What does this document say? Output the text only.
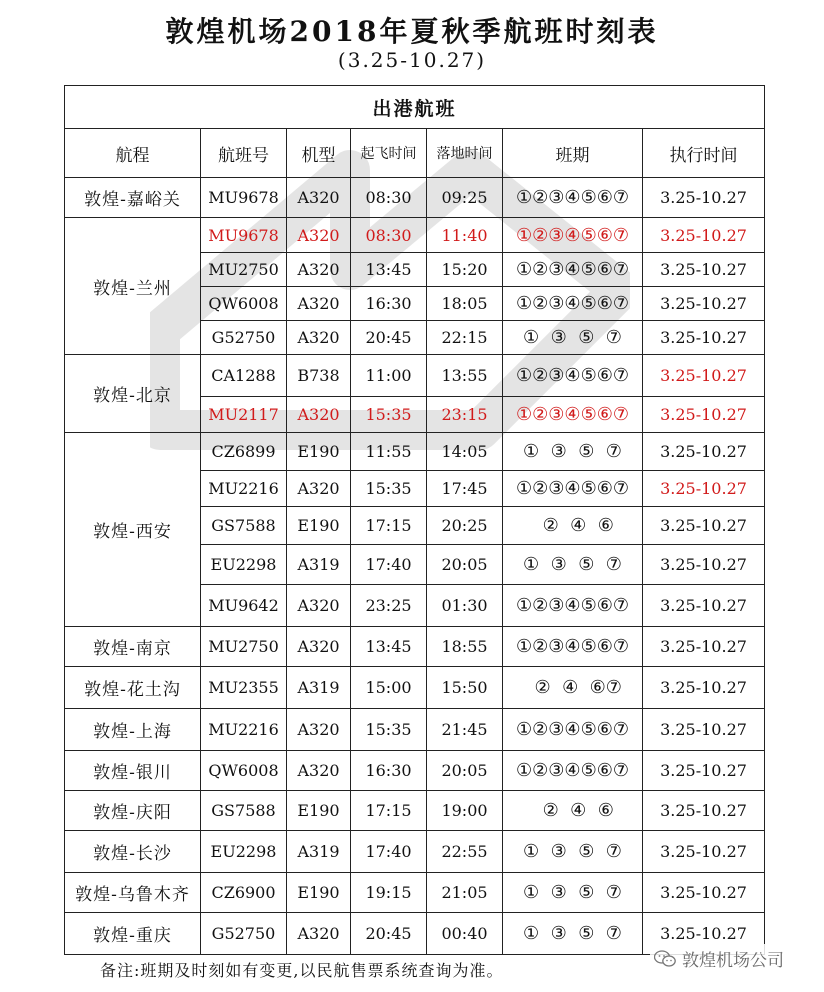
敦煌机场2018年夏秋季航班时刻表
(3.25-10.27)
出港航班						
航程	航班号	机型	起飞时间	落地时间	班期	执行时间
敦煌-嘉峪关	MU9678	A320	08:30	09:25	①②③④⑤⑥⑦	3.25-10.27
敦煌-兰州	MU9678	A320	08:30	11:40	①②③④⑤⑥⑦	3.25-10.27
	MU2750	A320	13:45	15:20	①②③④⑤⑥⑦	3.25-10.27
	QW6008	A320	16:30	18:05	①②③④⑤⑥⑦	3.25-10.27
	G52750	A320	20:45	22:15	①  ③  ⑤  ⑦	3.25-10.27
敦煌-北京	CA1288	B738	11:00	13:55	①②③④⑤⑥⑦	3.25-10.27
	MU2117	A320	15:35	23:15	①②③④⑤⑥⑦	3.25-10.27
敦煌-西安	CZ6899	E190	11:55	14:05	①  ③  ⑤  ⑦	3.25-10.27
	MU2216	A320	15:35	17:45	①②③④⑤⑥⑦	3.25-10.27
	GS7588	E190	17:15	20:25	②  ④  ⑥	3.25-10.27
	EU2298	A319	17:40	20:05	①  ③  ⑤  ⑦	3.25-10.27
	MU9642	A320	23:25	01:30	①②③④⑤⑥⑦	3.25-10.27
敦煌-南京	MU2750	A320	13:45	18:55	①②③④⑤⑥⑦	3.25-10.27
敦煌-花土沟	MU2355	A319	15:00	15:50	②  ④  ⑥⑦	3.25-10.27
敦煌-上海	MU2216	A320	15:35	21:45	①②③④⑤⑥⑦	3.25-10.27
敦煌-银川	QW6008	A320	16:30	20:05	①②③④⑤⑥⑦	3.25-10.27
敦煌-庆阳	GS7588	E190	17:15	19:00	②  ④  ⑥	3.25-10.27
敦煌-长沙	EU2298	A319	17:40	22:55	①  ③  ⑤  ⑦	3.25-10.27
敦煌-乌鲁木齐	CZ6900	E190	19:15	21:05	①  ③  ⑤  ⑦	3.25-10.27
敦煌-重庆	G52750	A320	20:45	00:40	①  ③  ⑤  ⑦	3.25-10.27
备注:班期及时刻如有变更,以民航售票系统查询为准。	敦煌机场公司
